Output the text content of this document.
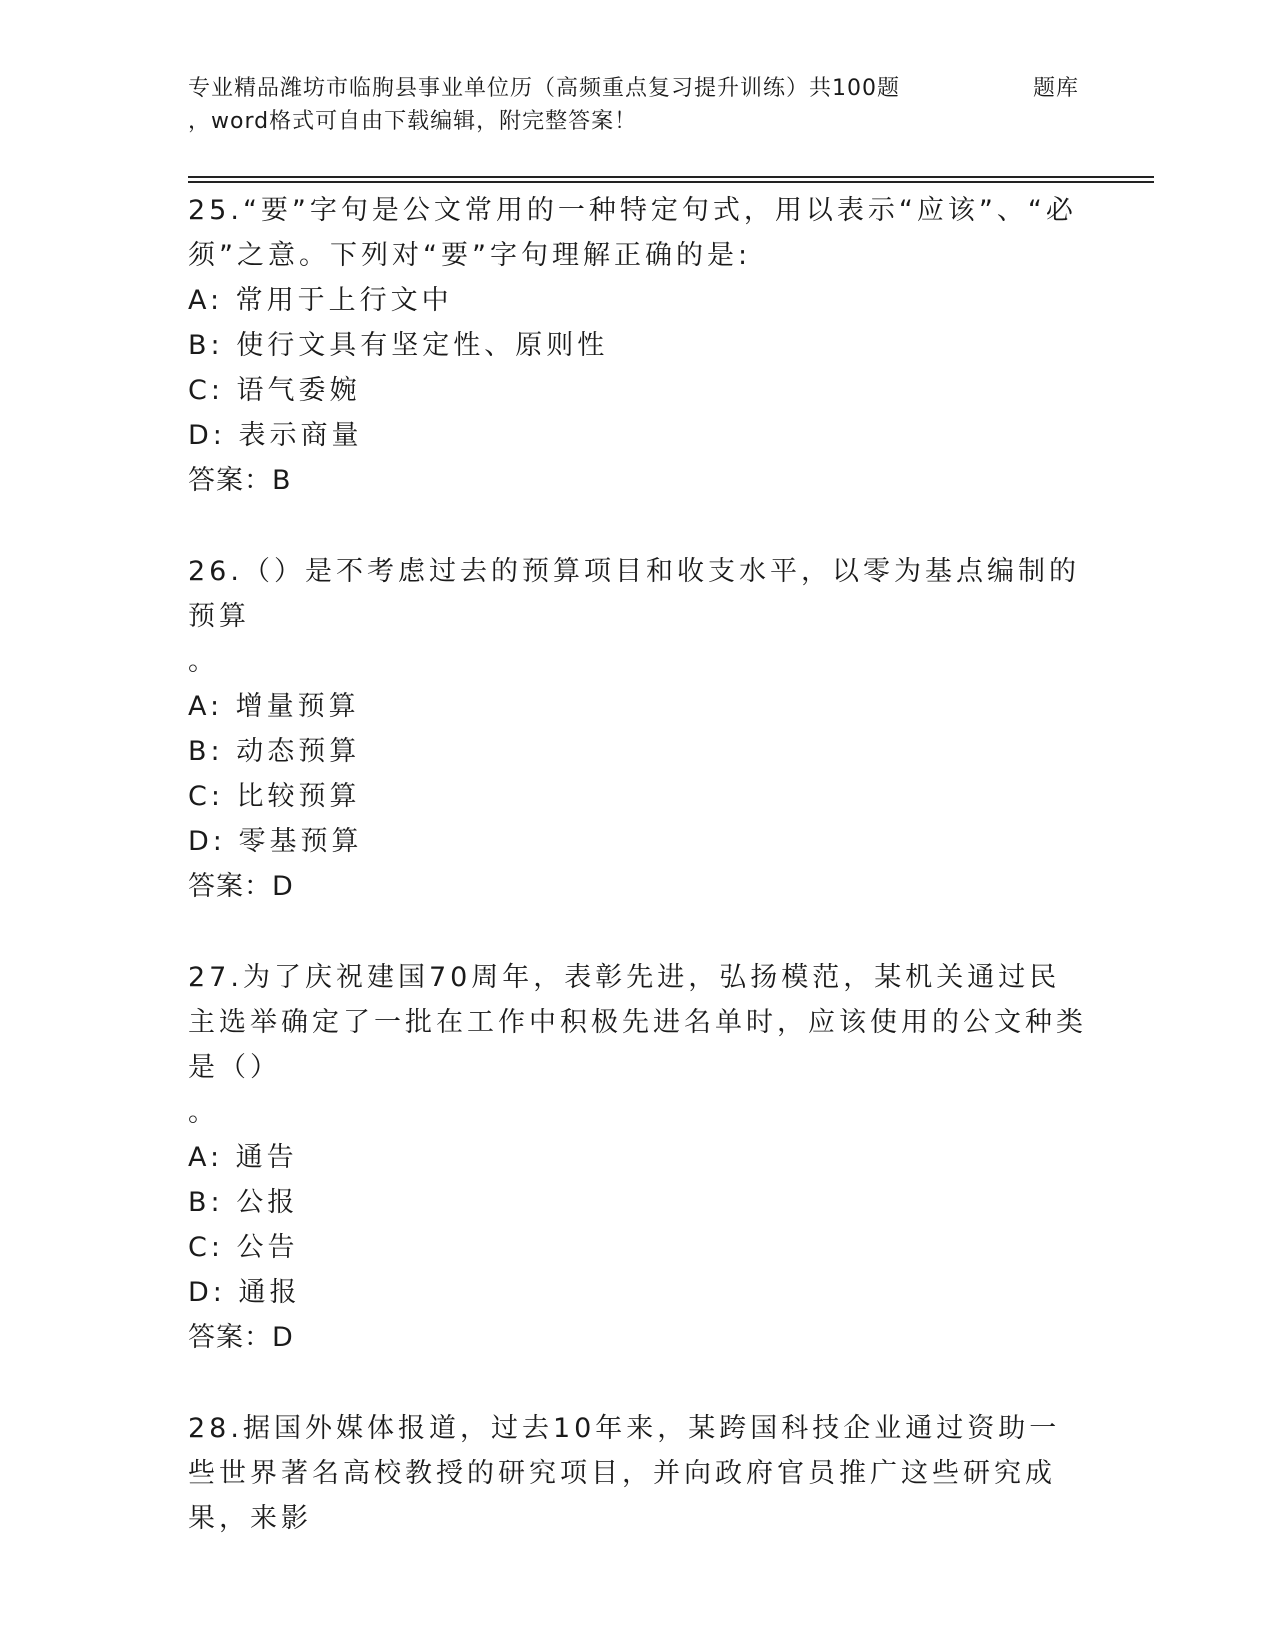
专业精品潍坊市临朐县事业单位历（高频重点复习提升训练）共100题	题库
，word格式可自由下载编辑，附完整答案！

25.“要”字句是公文常用的一种特定句式，用以表示“应该”、“必须”之意。下列对“要”字句理解正确的是:

A: 常用于上行文中
B: 使行文具有坚定性、原则性
C: 语气委婉
D: 表示商量
答案：B

26.（）是不考虑过去的预算项目和收支水平，以零为基点编制的预算
。

A: 增量预算
B: 动态预算
C: 比较预算
D: 零基预算
答案：D

27.为了庆祝建国70周年，表彰先进，弘扬模范，某机关通过民主选举确定了一批在工作中积极先进名单时，应该使用的公文种类是（）
。

A: 通告
B: 公报
C: 公告
D: 通报
答案：D

28.据国外媒体报道，过去10年来，某跨国科技企业通过资助一些世界著名高校教授的研究项目，并向政府官员推广这些研究成果，来影
